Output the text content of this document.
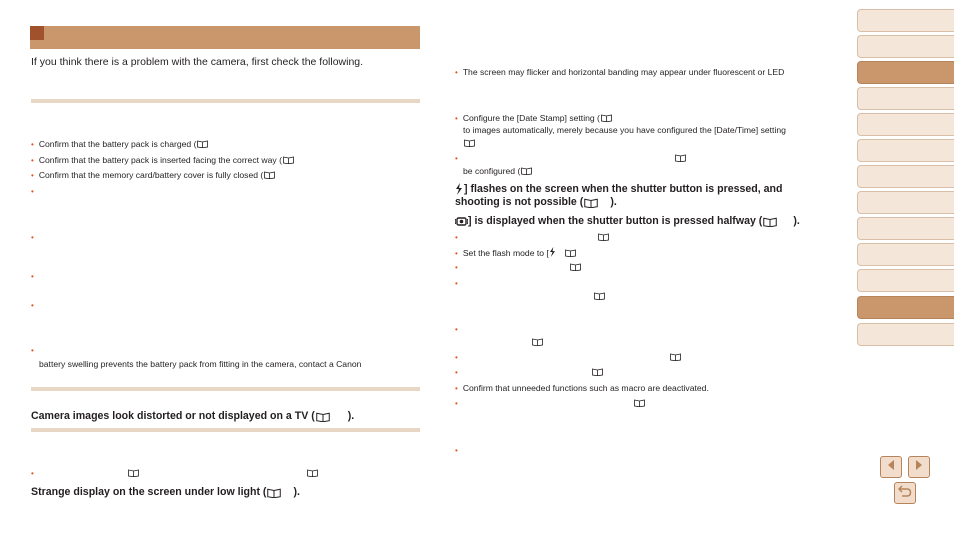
If you think there is a problem with the camera, first check the following.
• Confirm that the battery pack is charged (
• Confirm that the battery pack is inserted facing the correct way (
• Confirm that the memory card/battery cover is fully closed (
•
•
•
•
•
battery swelling prevents the battery pack from fitting in the camera, contact a Canon
Camera images look distorted or not displayed on a TV (	).
•
Strange display on the screen under low light (	).
• The screen may flicker and horizontal banding may appear under fluorescent or LED
• Configure the [Date Stamp] setting (
to images automatically, merely because you have configured the [Date/Time] setting
•
be configured (
] flashes on the screen when the shutter button is pressed, and
shooting is not possible (	).
] is displayed when the shutter button is pressed halfway (	).
•
• Set the flash mode to [
•
•
•
•
•
• Confirm that unneeded functions such as macro are deactivated.
•
•
